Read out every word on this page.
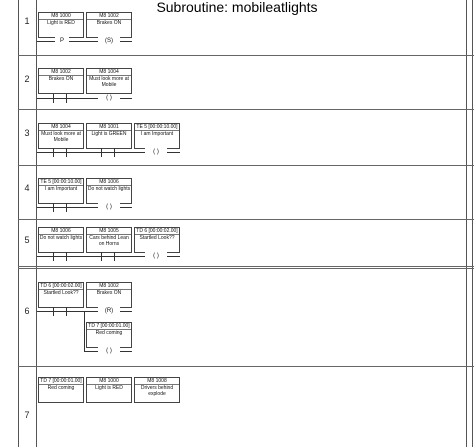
Subroutine: mobileatlights
1	M8 1000
Light is RED
M8 1002
Brakes ON
P	(S)
2
M8 1002
Brakes ON
M8 1004
Must look more at Mobile
( )
3
M8 1004
Must look more at Mobile
M8 1001
Light is GREEN
TE 5 [00:00:10.00]
I am Important
( )
4
TE 5 [00:00:10.00]
I am Important
M8 1006
Do not watch lights
( )
5
M8 1006
Do not watch lights
M8 1005
Cars behind Lean on Horns
TD 6 [00:00:02.00]
Startled Look??
( )
6
TD 6 [00:00:02.00]
Startled Look??
M8 1002
Brakes ON
(R)
TD 7 [00:00:01.00]
Red coming
( )
7
TD 7 [00:00:01.00]
Red coming
M8 1000
Light is RED
M8 1008
Drivers behind explode
